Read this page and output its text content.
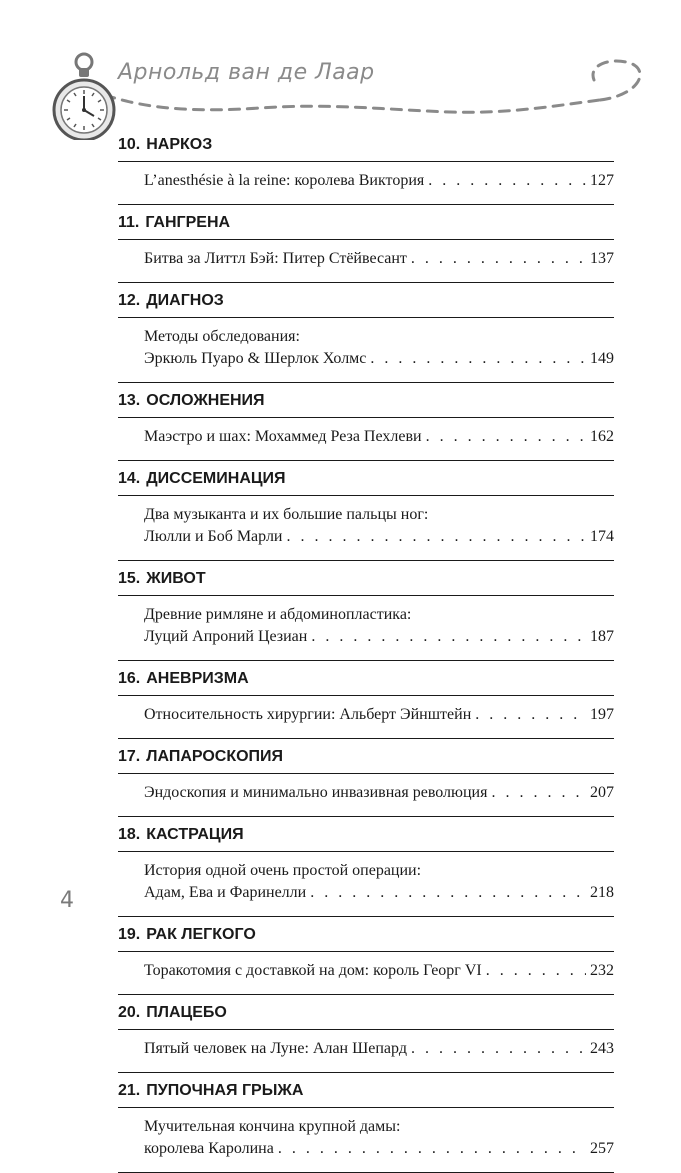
Арнольд ван де Лаар
10. НАРКОЗ
L’anesthésie à la reine: королева Виктория . . .	127
11. ГАНГРЕНА
Битва за Литтл Бэй: Питер Стёйвесант . . .	137
12. ДИАГНОЗ
Методы обследования:
Эркюль Пуаро & Шерлок Холмс . . .	149
13. ОСЛОЖНЕНИЯ
Маэстро и шах: Мохаммед Реза Пехлеви . . .	162
14. ДИССЕМИНАЦИЯ
Два музыканта и их большие пальцы ног:
Люлли и Боб Марли . . .	174
15. ЖИВОТ
Древние римляне и абдоминопластика:
Луций Апроний Цезиан . . .	187
16. АНЕВРИЗМА
Относительность хирургии: Альберт Эйнштейн . . .	197
17. ЛАПАРОСКОПИЯ
Эндоскопия и минимально инвазивная революция . . .	207
18. КАСТРАЦИЯ
История одной очень простой операции:
Адам, Ева и Фаринелли . . .	218
19. РАК ЛЕГКОГО
Торакотомия с доставкой на дом: король Георг VI . . .	232
20. ПЛАЦЕБО
Пятый человек на Луне: Алан Шепард . . .	243
21. ПУПОЧНАЯ ГРЫЖА
Мучительная кончина крупной дамы:
королева Каролина . . .	257
4
